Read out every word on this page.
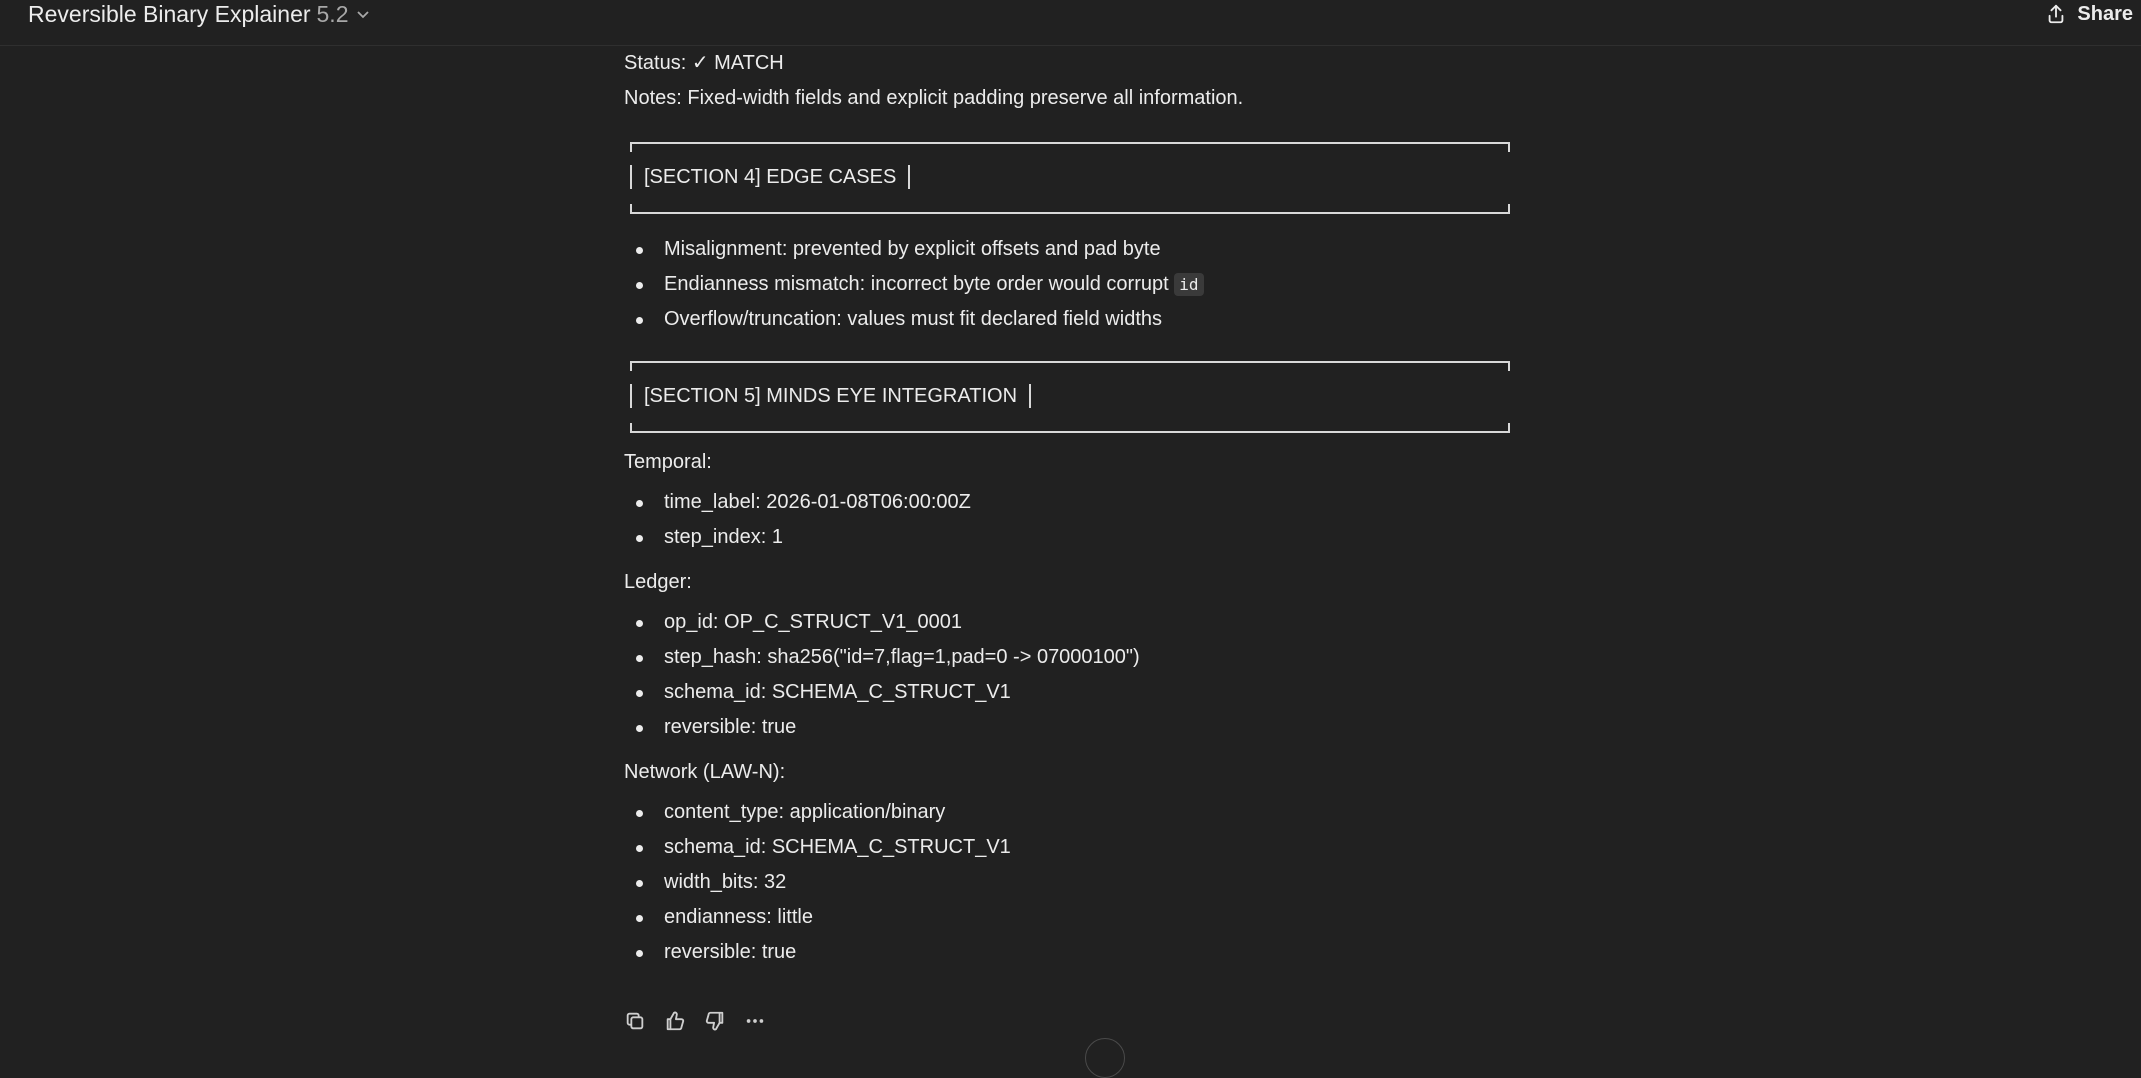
Reversible Binary Explainer 5.2	Share
Status: ✓ MATCH
Notes: Fixed-width fields and explicit padding preserve all information.
[SECTION 4] EDGE CASES
Misalignment: prevented by explicit offsets and pad byte
Endianness mismatch: incorrect byte order would corrupt id
Overflow/truncation: values must fit declared field widths
[SECTION 5] MINDS EYE INTEGRATION
Temporal:
time_label: 2026-01-08T06:00:00Z
step_index: 1
Ledger:
op_id: OP_C_STRUCT_V1_0001
step_hash: sha256("id=7,flag=1,pad=0 -> 07000100")
schema_id: SCHEMA_C_STRUCT_V1
reversible: true
Network (LAW-N):
content_type: application/binary
schema_id: SCHEMA_C_STRUCT_V1
width_bits: 32
endianness: little
reversible: true
